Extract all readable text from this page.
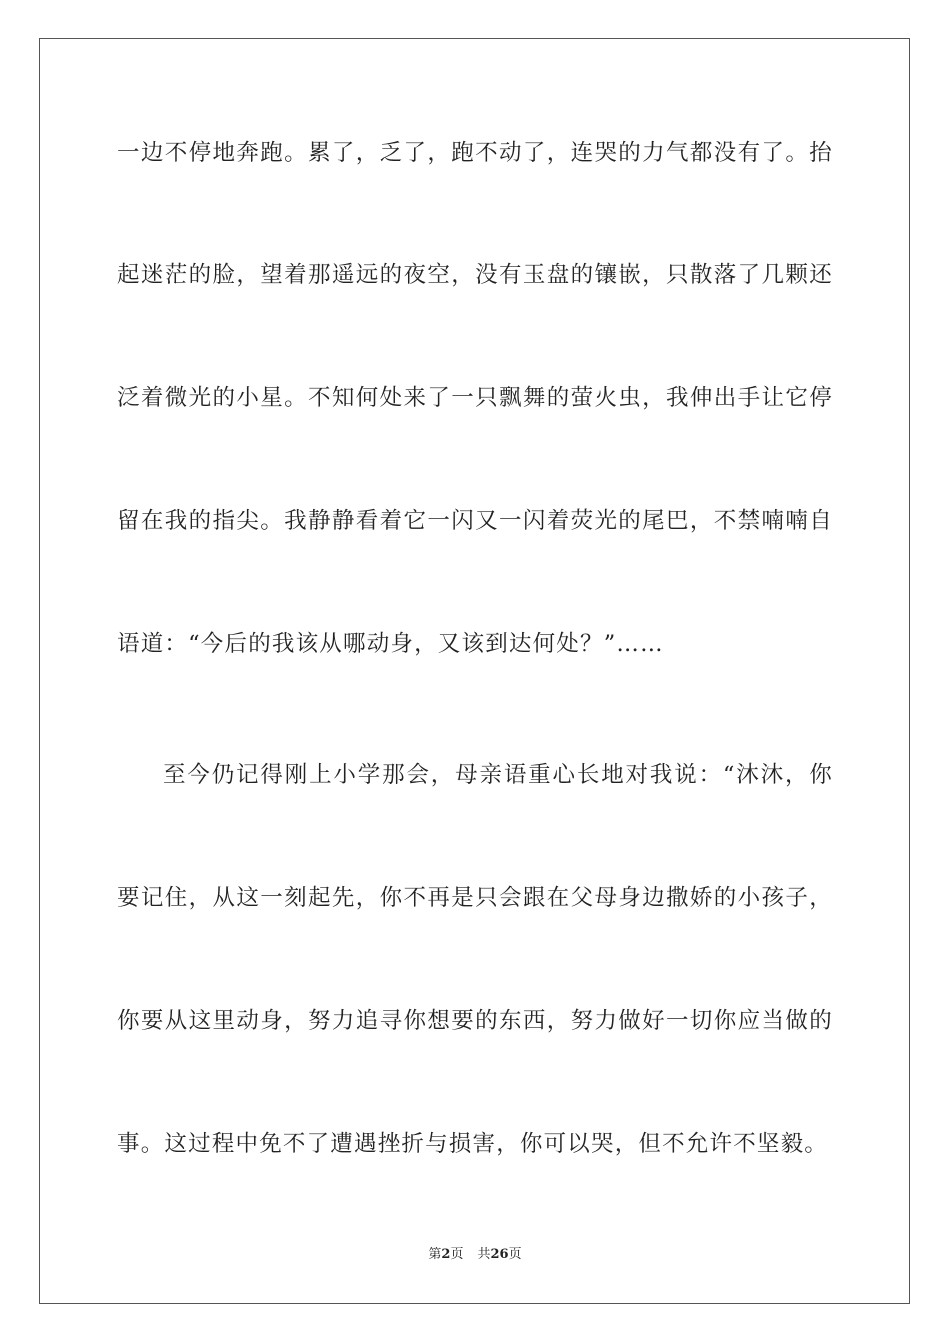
一边不停地奔跑。累了，乏了，跑不动了，连哭的力气都没有了。抬
起迷茫的脸，望着那遥远的夜空，没有玉盘的镶嵌，只散落了几颗还
泛着微光的小星。不知何处来了一只飘舞的萤火虫，我伸出手让它停
留在我的指尖。我静静看着它一闪又一闪着荧光的尾巴，不禁喃喃自
语道：“今后的我该从哪动身，又该到达何处？”……
至今仍记得刚上小学那会，母亲语重心长地对我说：“沐沐，你
要记住，从这一刻起先，你不再是只会跟在父母身边撒娇的小孩子，
你要从这里动身，努力追寻你想要的东西，努力做好一切你应当做的
事。这过程中免不了遭遇挫折与损害，你可以哭，但不允许不坚毅。
第2页 共26页
